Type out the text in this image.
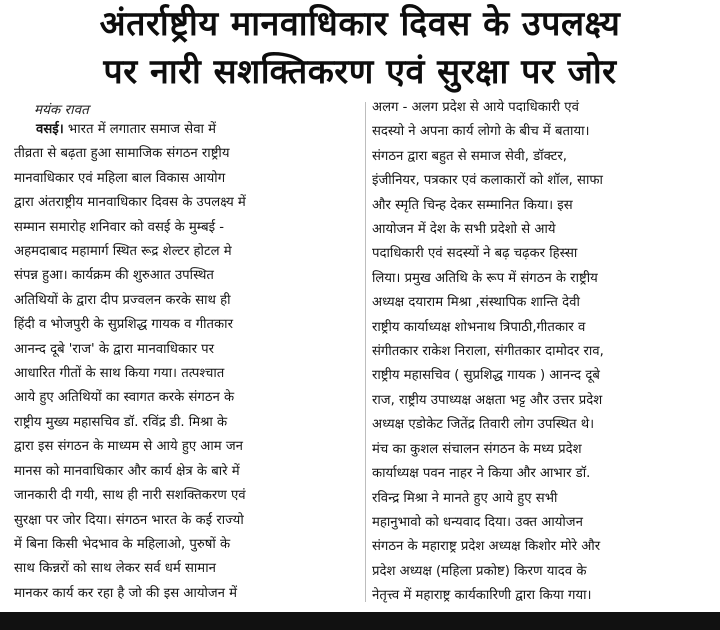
अंतर्राष्ट्रीय मानवाधिकार दिवस के उपलक्ष्य
पर नारी सशक्तिकरण एवं सुरक्षा पर जोर
मयंक रावत
वसई। भारत में लगातार समाज सेवा में
तीव्रता से बढ़ता हुआ सामाजिक संगठन राष्ट्रीय
मानवाधिकार एवं महिला बाल विकास आयोग
द्वारा अंतराष्ट्रीय मानवाधिकार दिवस के उपलक्ष्य में
सम्मान समारोह शनिवार को वसई के मुम्बई -
अहमदाबाद महामार्ग स्थित रूद्र शेल्टर होटल मे
संपन्न हुआ। कार्यक्रम की शुरुआत उपस्थित
अतिथियों के द्वारा दीप प्रज्वलन करके साथ ही
हिंदी व भोजपुरी के सुप्रशिद्ध गायक व गीतकार
आनन्द दूबे 'राज' के द्वारा मानवाधिकार पर
आधारित गीतों के साथ किया गया। तत्पश्चात
आये हुए अतिथियों का स्वागत करके संगठन के
राष्ट्रीय मुख्य महासचिव डॉ. रविंद्र डी. मिश्रा के
द्वारा इस संगठन के माध्यम से आये हुए आम जन
मानस को मानवाधिकार और कार्य क्षेत्र के बारे में
जानकारी दी गयी, साथ ही नारी सशक्तिकरण एवं
सुरक्षा पर जोर दिया। संगठन भारत के कई राज्यो
में बिना किसी भेदभाव के महिलाओ, पुरुषों के
साथ किन्नरों को साथ लेकर सर्व धर्म सामान
मानकर कार्य कर रहा है जो की इस आयोजन में
अलग - अलग प्रदेश से आये पदाधिकारी एवं
सदस्यो ने अपना कार्य लोगो के बीच में बताया।
संगठन द्वारा बहुत से समाज सेवी, डॉक्टर,
इंजीनियर, पत्रकार एवं कलाकारों को शॉल, साफा
और स्मृति चिन्ह देकर सम्मानित किया। इस
आयोजन में देश के सभी प्रदेशो से आये
पदाधिकारी एवं सदस्यों ने बढ़ चढ़कर हिस्सा
लिया। प्रमुख अतिथि के रूप में संगठन के राष्ट्रीय
अध्यक्ष दयाराम मिश्रा ,संस्थापिक शान्ति देवी
राष्ट्रीय कार्याध्यक्ष शोभनाथ त्रिपाठी,गीतकार व
संगीतकार राकेश निराला, संगीतकार दामोदर राव,
राष्ट्रीय महासचिव ( सुप्रशिद्ध गायक ) आनन्द दूबे
राज, राष्ट्रीय उपाध्यक्ष अक्षता भट्ट और उत्तर प्रदेश
अध्यक्ष एडोकेट जितेंद्र तिवारी लोग उपस्थित थे।
मंच का कुशल संचालन संगठन के मध्य प्रदेश
कार्याध्यक्ष पवन नाहर ने किया और आभार डॉ.
रविन्द्र मिश्रा ने मानते हुए आये हुए सभी
महानुभावो को धन्यवाद दिया। उक्त आयोजन
संगठन के महाराष्ट्र प्रदेश अध्यक्ष किशोर मोरे और
प्रदेश अध्यक्ष (महिला प्रकोष्ट) किरण यादव के
नेतृत्त्व में महाराष्ट्र कार्यकारिणी द्वारा किया गया।
